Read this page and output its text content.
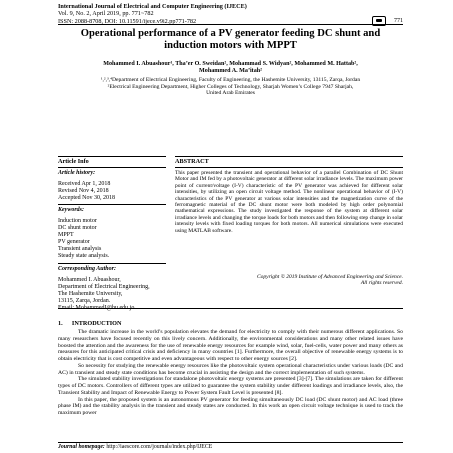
International Journal of Electrical and Computer Engineering (IJECE)
Vol. 9, No. 2, April 2019, pp. 771~782
ISSN: 2088-8708, DOI: 10.11591/ijece.v9i2.pp771-782	771
Operational performance of a PV generator feeding DC shunt and induction motors with MPPT
Mohammed I. Abuashour¹, Tha’er O. Sweidan², Mohammad S. Widyan², Mohammed M. Hattab²,
Mohammed A. Ma’itah²
¹,²,³,⁴Department of Electrical Engineering, Faculty of Engineering, the Hashemite University, 13115, Zarqa, Jordan
²Electrical Engineering Department, Higher Colleges of Technology, Sharjah Women’s College 7947 Sharjah,
United Arab Emirates
Article Info	ABSTRACT
Article history:
Received Apr 1, 2018
Revised Nov 4, 2018
Accepted Nov 30, 2018
Keywords:
Induction motor
DC shunt motor
MPPT
PV generator
Transient analysis
Steady state analysis.
This paper presented the transient and operational behavior of a parallel Combination of DC Shunt Motor and IM fed by a photovoltaic generator at different solar irradiance levels. The maximum power point of current/voltage (I-V) characteristic of the PV generator was achieved for different solar intensities, by utilizing an open circuit voltage method. The nonlinear operational behavior of (I-V) characteristics of the PV generator at various solar intensities and the magnetization curve of the ferromagnetic material of the DC shunt motor were both modeled by high order polynomial mathematical expressions. The study investigated the response of the system at different solar irradiance levels and changing the torque loads for both motors and then following step change in solar intensity levels with fixed loading torques for both motors. All numerical simulations were executed using MATLAB software.
Copyright © 2019 Institute of Advanced Engineering and Science.
All rights reserved.
Corresponding Author:
Mohammed I. Abuashour,
Department of Electrical Engineering,
The Hashemite University,
13115, Zarqa, Jordan.
Email: MohammedI@hu.edu.jo
1.      INTRODUCTION

The dramatic increase in the world’s population elevates the demand for electricity to comply with their numerous different applications. So many researchers have focused recently on this lively concern. Additionally, the environmental considerations and many other related issues have boosted the attention and the awareness for the use of renewable energy resources for example wind, solar, fuel-cells, water power and many others as measures for this anticipated critical crisis and deficiency in many countries [1]. Furthermore, the overall objective of renewable energy systems is to obtain electricity that is cost competitive and even advantageous with respect to other energy sources [2].

So necessity for studying the renewable energy resources like the photovoltaic system operational characteristics under various loads (DC and AC) in transient and steady state conditions has become crucial in assisting the design and the correct implementation of such systems.

The simulated stability investigations for standalone photovoltaic energy systems are presented [3]-[7]. The simulations are taken for different types of DC motors. Controllers of different types are utilized to guarantee the system stability under different loadings and irradiance levels, also, the Transient Stability and Impact of Renewable Energy to Power System Fault Level is presented [8].

In this paper, the proposed system is an autonomous PV generator for feeding simultaneously DC load (DC shunt motor) and AC load (three phase IM) and the stability analysis in the transient and steady states are conducted. In this work an open circuit voltage technique is used to track the maximum power

Journal homepage: http://iaescore.com/journals/index.php/IJECE
